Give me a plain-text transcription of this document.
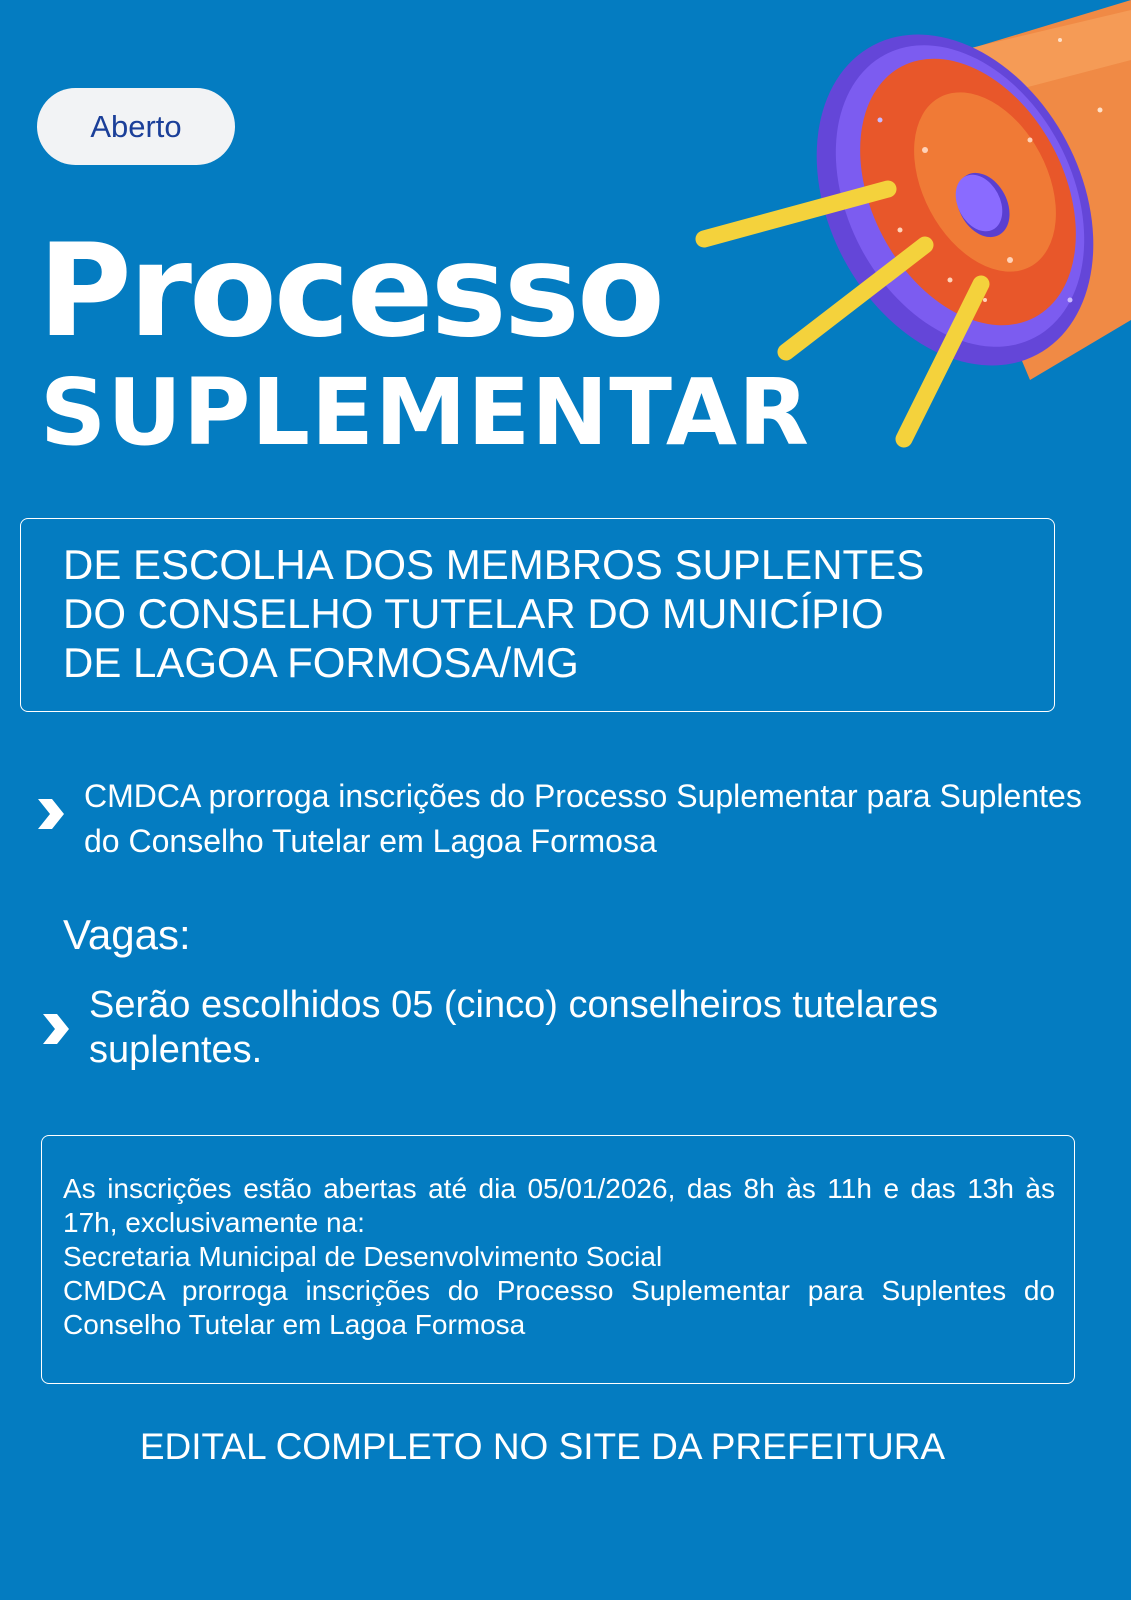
Aberto
Processo
SUPLEMENTAR
DE ESCOLHA DOS MEMBROS SUPLENTES
DO CONSELHO TUTELAR DO MUNICÍPIO
DE LAGOA FORMOSA/MG
CMDCA prorroga inscrições do Processo Suplementar para Suplentes do Conselho Tutelar em Lagoa Formosa
Vagas:
Serão escolhidos 05 (cinco) conselheiros tutelares suplentes.
As inscrições estão abertas até dia 05/01/2026, das 8h às 11h e das 13h às 17h, exclusivamente na:
Secretaria Municipal de Desenvolvimento Social
CMDCA prorroga inscrições do Processo Suplementar para Suplentes do Conselho Tutelar em Lagoa Formosa
EDITAL COMPLETO NO SITE DA PREFEITURA
